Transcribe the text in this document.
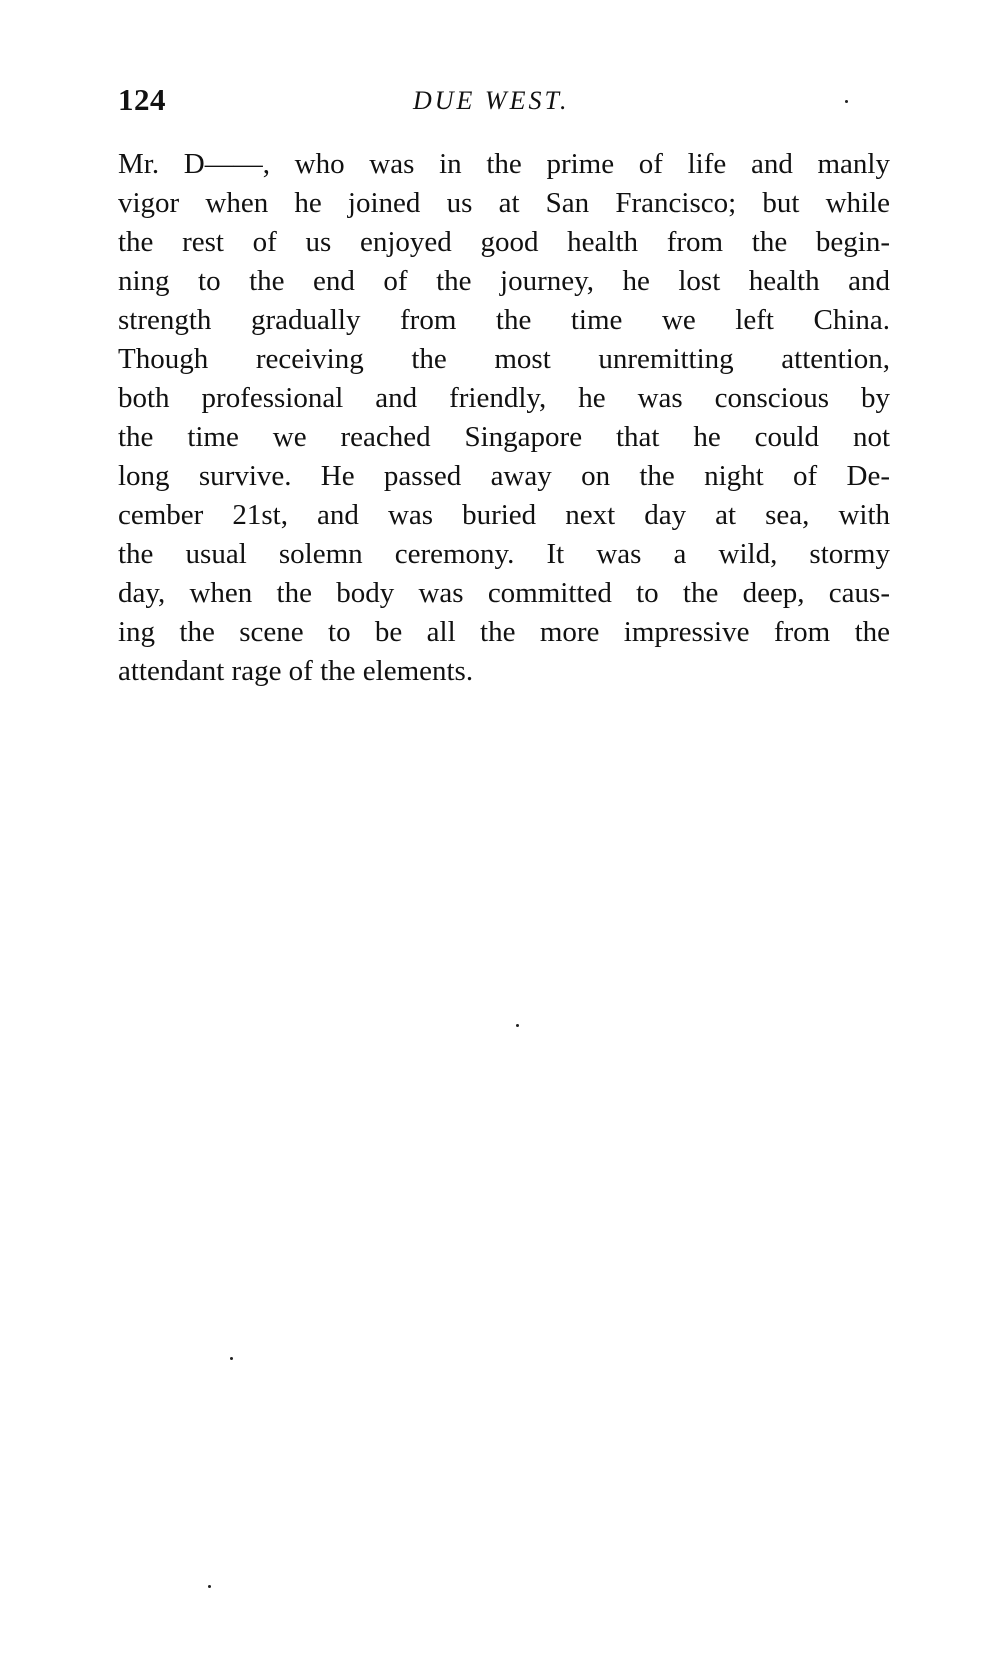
124	DUE WEST.
Mr. D——, who was in the prime of life and manly
vigor when he joined us at San Francisco; but while
the rest of us enjoyed good health from the begin-
ning to the end of the journey, he lost health and
strength gradually from the time we left China.
Though receiving the most unremitting attention,
both professional and friendly, he was conscious by
the time we reached Singapore that he could not
long survive. He passed away on the night of De-
cember 21st, and was buried next day at sea, with
the usual solemn ceremony. It was a wild, stormy
day, when the body was committed to the deep, caus-
ing the scene to be all the more impressive from the
attendant rage of the elements.
